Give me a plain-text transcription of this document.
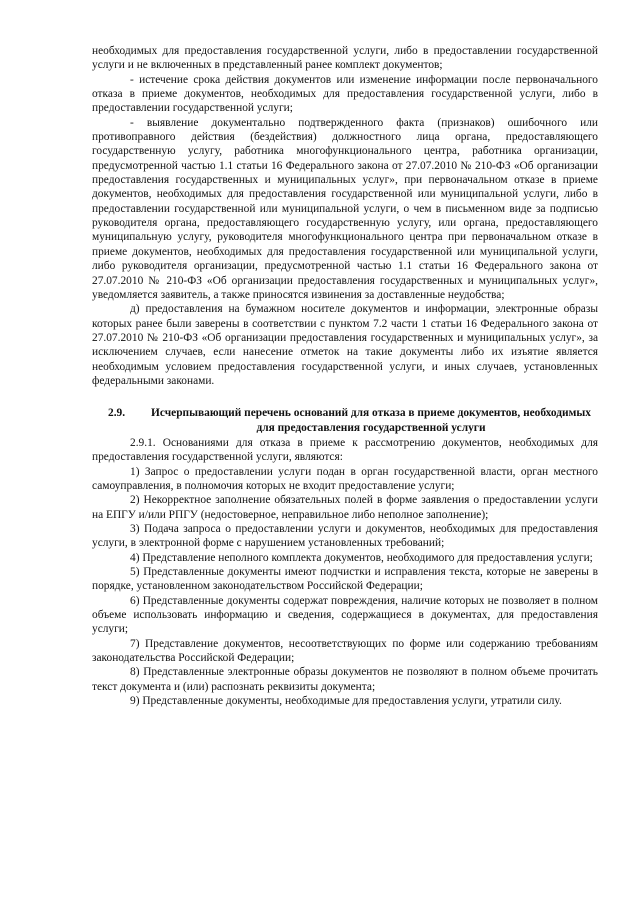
необходимых для предоставления государственной услуги, либо в предоставлении государственной услуги и не включенных в представленный ранее комплект документов;

- истечение срока действия документов или изменение информации после первоначального отказа в приеме документов, необходимых для предоставления государственной услуги, либо в предоставлении государственной услуги;

- выявление документально подтвержденного факта (признаков) ошибочного или противоправного действия (бездействия) должностного лица органа, предоставляющего государственную услугу, работника многофункционального центра, работника организации, предусмотренной частью 1.1 статьи 16 Федерального закона от 27.07.2010 № 210-ФЗ «Об организации предоставления государственных и муниципальных услуг», при первоначальном отказе в приеме документов, необходимых для предоставления государственной или муниципальной услуги, либо в предоставлении государственной или муниципальной услуги, о чем в письменном виде за подписью руководителя органа, предоставляющего государственную услугу, или органа, предоставляющего муниципальную услугу, руководителя многофункционального центра при первоначальном отказе в приеме документов, необходимых для предоставления государственной или муниципальной услуги, либо руководителя организации, предусмотренной частью 1.1 статьи 16 Федерального закона от 27.07.2010 № 210-ФЗ «Об организации предоставления государственных и муниципальных услуг», уведомляется заявитель, а также приносятся извинения за доставленные неудобства;

д) предоставления на бумажном носителе документов и информации, электронные образы которых ранее были заверены в соответствии с пунктом 7.2 части 1 статьи 16 Федерального закона от 27.07.2010 № 210-ФЗ «Об организации предоставления государственных и муниципальных услуг», за исключением случаев, если нанесение отметок на такие документы либо их изъятие является необходимым условием предоставления государственной услуги, и иных случаев, установленных федеральными законами.

2.9.	Исчерпывающий перечень оснований для отказа в приеме документов, необходимых для предоставления государственной услуги

2.9.1. Основаниями для отказа в приеме к рассмотрению документов, необходимых для предоставления государственной услуги, являются:

1) Запрос о предоставлении услуги подан в орган государственной власти, орган местного самоуправления, в полномочия которых не входит предоставление услуги;

2) Некорректное заполнение обязательных полей в форме заявления о предоставлении услуги на ЕПГУ и/или РПГУ (недостоверное, неправильное либо неполное заполнение);

3) Подача запроса о предоставлении услуги и документов, необходимых для предоставления услуги, в электронной форме с нарушением установленных требований;

4) Представление неполного комплекта документов, необходимого для предоставления услуги;

5) Представленные документы имеют подчистки и исправления текста, которые не заверены в порядке, установленном законодательством Российской Федерации;

6) Представленные документы содержат повреждения, наличие которых не позволяет в полном объеме использовать информацию и сведения, содержащиеся в документах, для предоставления услуги;

7) Представление документов, несоответствующих по форме или содержанию требованиям законодательства Российской Федерации;

8) Представленные электронные образы документов не позволяют в полном объеме прочитать текст документа и (или) распознать реквизиты документа;

9) Представленные документы, необходимые для предоставления услуги, утратили силу.
